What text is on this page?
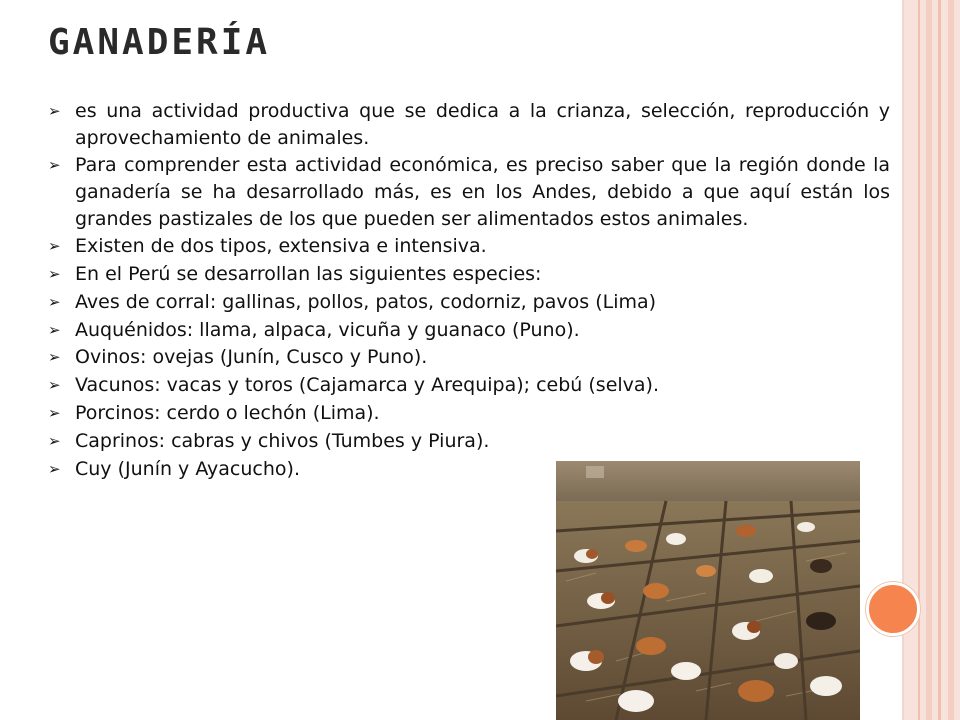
GANADERÍA
➢ es una actividad productiva que se dedica a la crianza, selección, reproducción y aprovechamiento de animales.
➢ Para comprender esta actividad económica, es preciso saber que la región donde la ganadería se ha desarrollado más, es en los Andes, debido a que aquí están los grandes pastizales de los que pueden ser alimentados estos animales.
➢ Existen de dos tipos, extensiva e intensiva.
➢ En el Perú se desarrollan las siguientes especies:
➢ Aves de corral: gallinas, pollos, patos, codorniz, pavos (Lima)
➢ Auquénidos: llama, alpaca, vicuña y guanaco (Puno).
➢ Ovinos: ovejas (Junín, Cusco y Puno).
➢ Vacunos: vacas y toros (Cajamarca y Arequipa); cebú (selva).
➢ Porcinos: cerdo o lechón (Lima).
➢ Caprinos: cabras y chivos (Tumbes y Piura).
➢ Cuy (Junín y Ayacucho).
